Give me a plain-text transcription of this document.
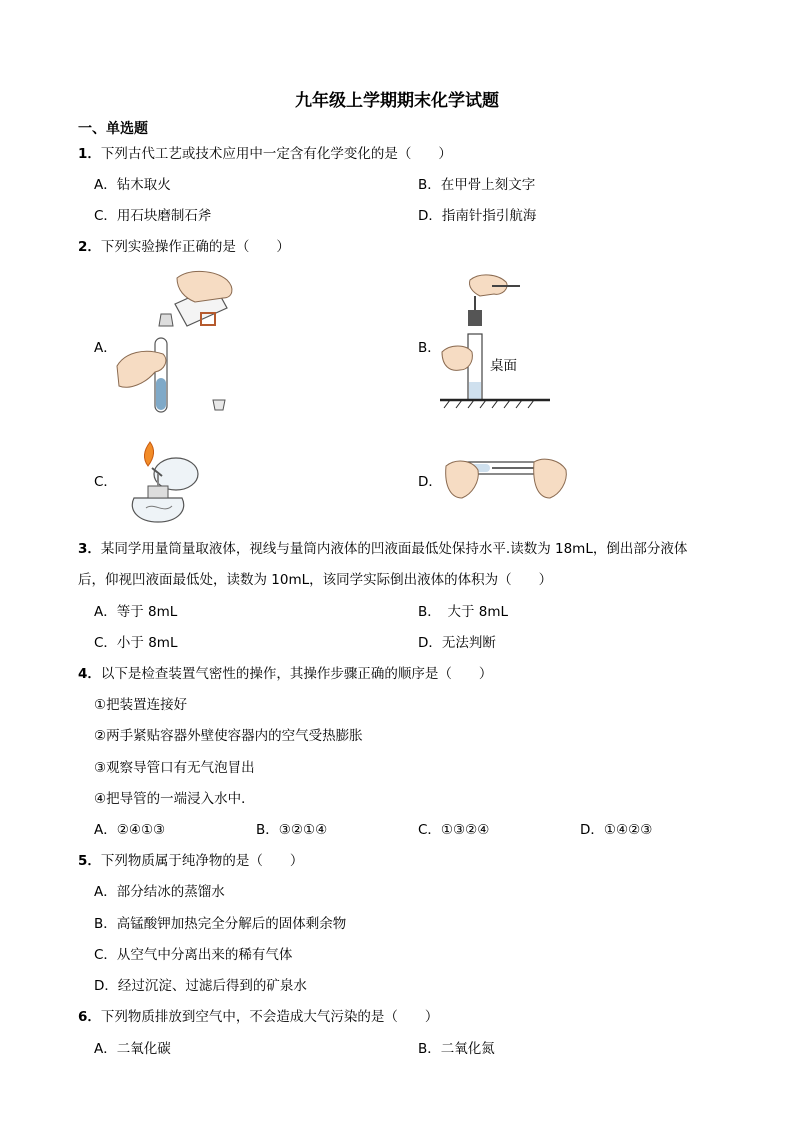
九年级上学期期末化学试题
一、单选题
1．下列古代工艺或技术应用中一定含有化学变化的是（　　）
A．钻木取火	B．在甲骨上刻文字
C．用石块磨制石斧	D．指南针指引航海
2．下列实验操作正确的是（　　）
A．	B．
桌面
C．	D．
3．某同学用量筒量取液体，视线与量筒内液体的凹液面最低处保持水平.读数为 18mL，倒出部分液体
后，仰视凹液面最低处，读数为 10mL，该同学实际倒出液体的体积为（　　）
A．等于 8mL	B．　大于 8mL
C．小于 8mL	D．无法判断
4．以下是检查装置气密性的操作，其操作步骤正确的顺序是（　　）
①把装置连接好
②两手紧贴容器外壁使容器内的空气受热膨胀
③观察导管口有无气泡冒出
④把导管的一端浸入水中．
A．②④①③	B．③②①④	C．①③②④	D．①④②③
5．下列物质属于纯净物的是（　　）
A．部分结冰的蒸馏水
B．高锰酸钾加热完全分解后的固体剩余物
C．从空气中分离出来的稀有气体
D．经过沉淀、过滤后得到的矿泉水
6．下列物质排放到空气中，不会造成大气污染的是（　　）
A．二氧化碳	B．二氧化氮
